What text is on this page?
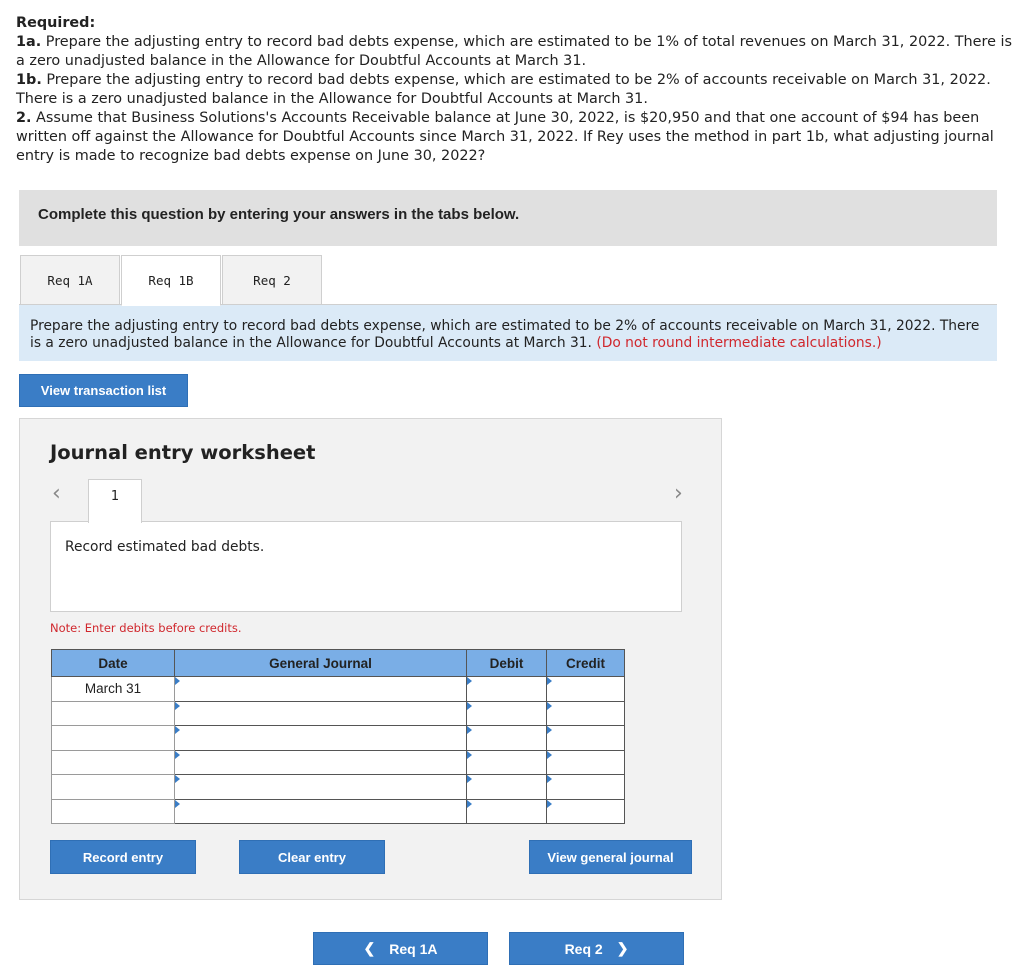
Required:

1a. Prepare the adjusting entry to record bad debts expense, which are estimated to be 1% of total revenues on March 31, 2022. There is a zero unadjusted balance in the Allowance for Doubtful Accounts at March 31.

1b. Prepare the adjusting entry to record bad debts expense, which are estimated to be 2% of accounts receivable on March 31, 2022. There is a zero unadjusted balance in the Allowance for Doubtful Accounts at March 31.

2. Assume that Business Solutions's Accounts Receivable balance at June 30, 2022, is $20,950 and that one account of $94 has been written off against the Allowance for Doubtful Accounts since March 31, 2022. If Rey uses the method in part 1b, what adjusting journal entry is made to recognize bad debts expense on June 30, 2022?

Complete this question by entering your answers in the tabs below.
Req 1A	Req 1B	Req 2
Prepare the adjusting entry to record bad debts expense, which are estimated to be 2% of accounts receivable on March 31, 2022. There is a zero unadjusted balance in the Allowance for Doubtful Accounts at March 31. (Do not round intermediate calculations.)
View transaction list
Journal entry worksheet
‹	1	›
Record estimated bad debts.
Note: Enter debits before credits.
Date	General Journal	Debit	Credit
March 31			

Record entry	Clear entry	View general journal
❮ Req 1A	Req 2 ❯
